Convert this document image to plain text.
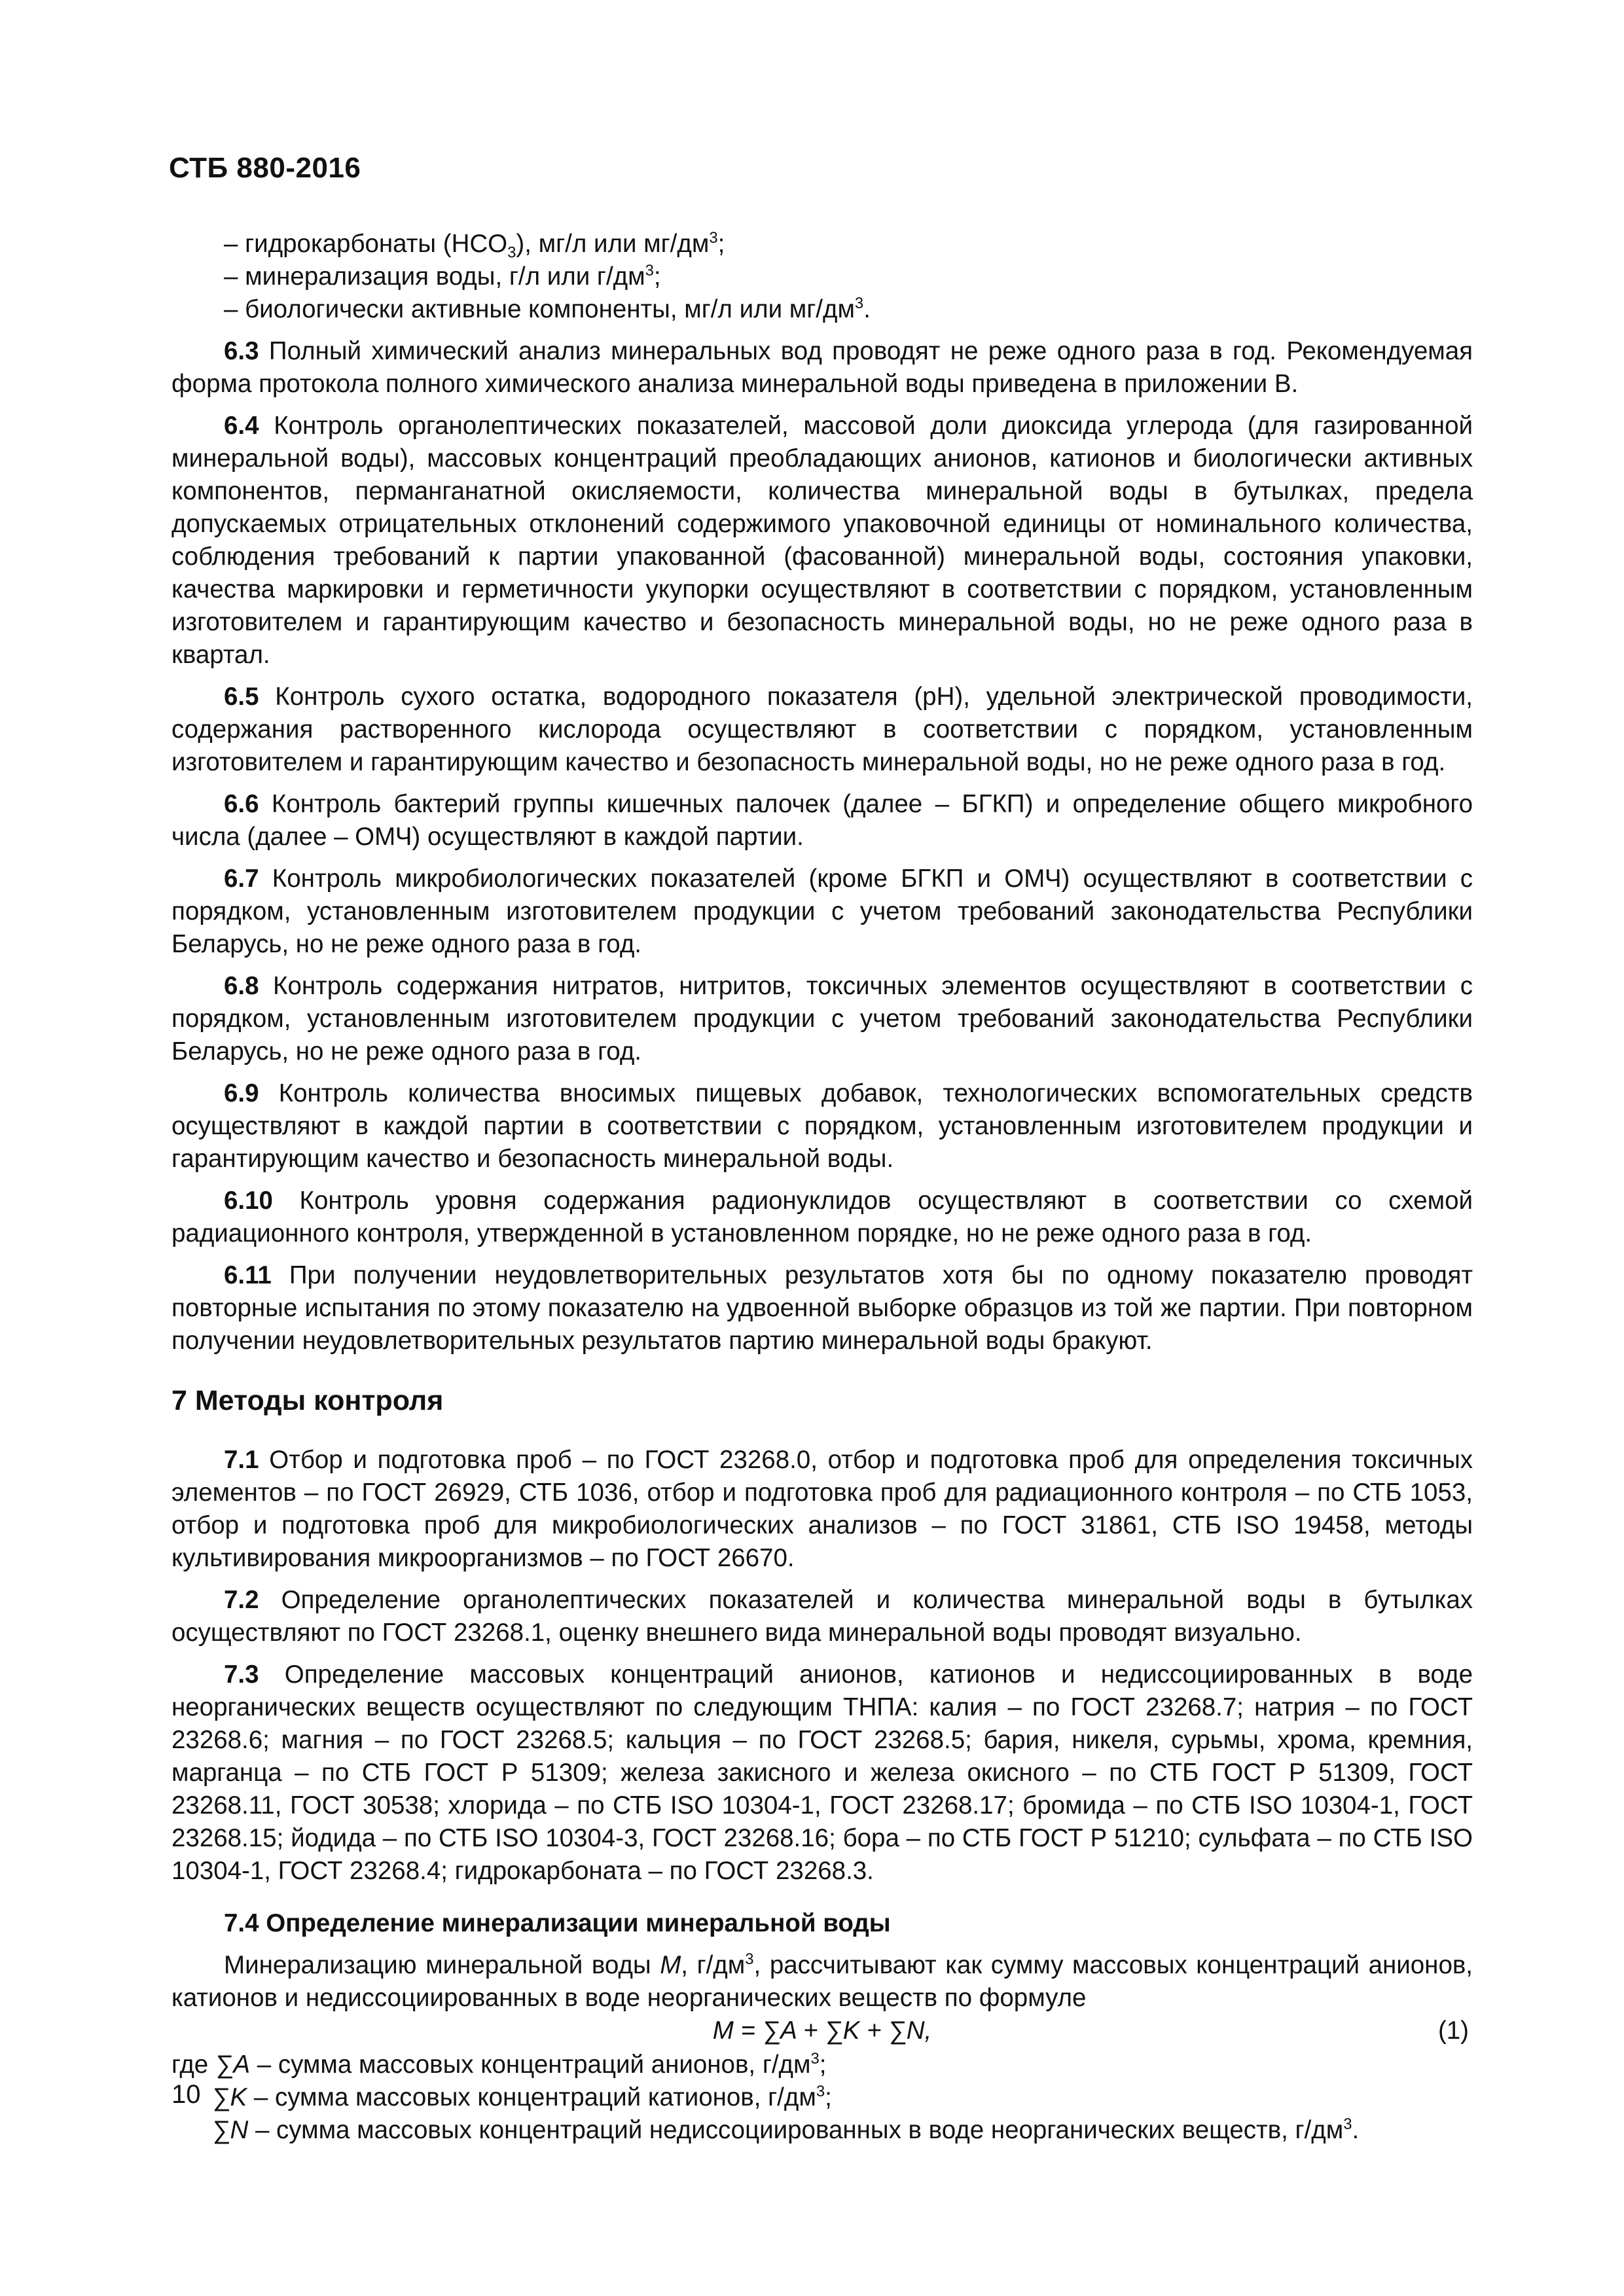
СТБ 880-2016

– гидрокарбонаты $(HCO_3)$, мг/л или $мг/дм^3$;

– минерализация воды, г/л или $г/дм^3$;

– биологически активные компоненты, мг/л или $мг/дм^3$.

6.3 Полный химический анализ минеральных вод проводят не реже одного раза в год. Рекомендуемая форма протокола полного химического анализа минеральной воды приведена в приложении В.

6.4 Контроль органолептических показателей, массовой доли диоксида углерода (для газированной минеральной воды), массовых концентраций преобладающих анионов, катионов и биологически активных компонентов, перманганатной окисляемости, количества минеральной воды в бутылках, предела допускаемых отрицательных отклонений содержимого упаковочной единицы от номинального количества, соблюдения требований к партии упакованной (фасованной) минеральной воды, состояния упаковки, качества маркировки и герметичности укупорки осуществляют в соответствии с порядком, установленным изготовителем и гарантирующим качество и безопасность минеральной воды, но не реже одного раза в квартал.

6.5 Контроль сухого остатка, водородного показателя (pH), удельной электрической проводимости, содержания растворенного кислорода осуществляют в соответствии с порядком, установленным изготовителем и гарантирующим качество и безопасность минеральной воды, но не реже одного раза в год.

6.6 Контроль бактерий группы кишечных палочек (далее – БГКП) и определение общего микробного числа (далее – ОМЧ) осуществляют в каждой партии.

6.7 Контроль микробиологических показателей (кроме БГКП и ОМЧ) осуществляют в соответствии с порядком, установленным изготовителем продукции с учетом требований законодательства Республики Беларусь, но не реже одного раза в год.

6.8 Контроль содержания нитратов, нитритов, токсичных элементов осуществляют в соответствии с порядком, установленным изготовителем продукции с учетом требований законодательства Республики Беларусь, но не реже одного раза в год.

6.9 Контроль количества вносимых пищевых добавок, технологических вспомогательных средств осуществляют в каждой партии в соответствии с порядком, установленным изготовителем продукции и гарантирующим качество и безопасность минеральной воды.

6.10 Контроль уровня содержания радионуклидов осуществляют в соответствии со схемой радиационного контроля, утвержденной в установленном порядке, но не реже одного раза в год.

6.11 При получении неудовлетворительных результатов хотя бы по одному показателю проводят повторные испытания по этому показателю на удвоенной выборке образцов из той же партии. При повторном получении неудовлетворительных результатов партию минеральной воды бракуют.

7 Методы контроля

7.1 Отбор и подготовка проб – по ГОСТ 23268.0, отбор и подготовка проб для определения токсичных элементов – по ГОСТ 26929, СТБ 1036, отбор и подготовка проб для радиационного контроля – по СТБ 1053, отбор и подготовка проб для микробиологических анализов – по ГОСТ 31861, СТБ ISO 19458, методы культивирования микроорганизмов – по ГОСТ 26670.

7.2 Определение органолептических показателей и количества минеральной воды в бутылках осуществляют по ГОСТ 23268.1, оценку внешнего вида минеральной воды проводят визуально.

7.3 Определение массовых концентраций анионов, катионов и недиссоциированных в воде неорганических веществ осуществляют по следующим ТНПА: калия – по ГОСТ 23268.7; натрия – по ГОСТ 23268.6; магния – по ГОСТ 23268.5; кальция – по ГОСТ 23268.5; бария, никеля, сурьмы, хрома, кремния, марганца – по СТБ ГОСТ Р 51309; железа закисного и железа окисного – по СТБ ГОСТ Р 51309, ГОСТ 23268.11, ГОСТ 30538; хлорида – по СТБ ISO 10304-1, ГОСТ 23268.17; бромида – по СТБ ISO 10304-1, ГОСТ 23268.15; йодида – по СТБ ISO 10304-3, ГОСТ 23268.16; бора – по СТБ ГОСТ Р 51210; сульфата – по СТБ ISO 10304-1, ГОСТ 23268.4; гидрокарбоната – по ГОСТ 23268.3.

7.4 Определение минерализации минеральной воды

Минерализацию минеральной воды M, $г/дм^3$, рассчитывают как сумму массовых концентраций анионов, катионов и недиссоциированных в воде неорганических веществ по формуле

M = ∑A + ∑K + ∑N,	(1)

где ∑A – сумма массовых концентраций анионов, $г/дм^3$;

∑K – сумма массовых концентраций катионов, $г/дм^3$;

∑N – сумма массовых концентраций недиссоциированных в воде неорганических веществ, $г/дм^3$.

10
